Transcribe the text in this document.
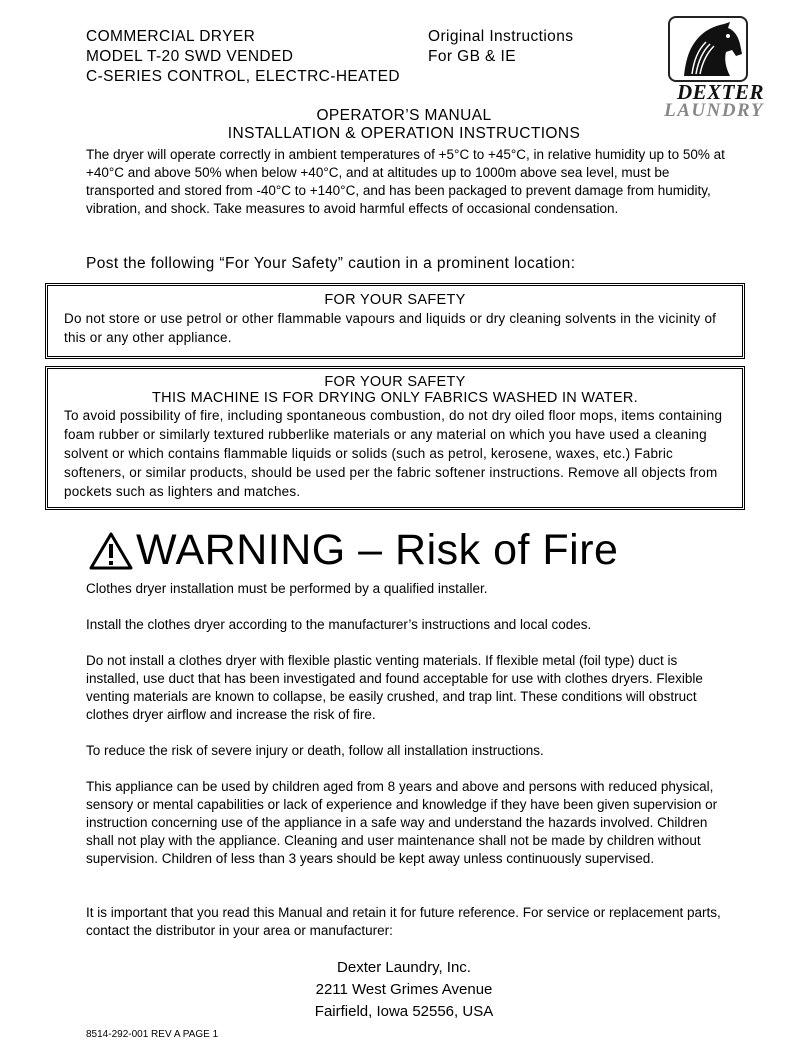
COMMERCIAL DRYER
MODEL T-20 SWD VENDED
C-SERIES CONTROL, ELECTRC-HEATED
Original Instructions
For GB & IE
DEXTER
LAUNDRY
OPERATOR’S MANUAL
INSTALLATION & OPERATION INSTRUCTIONS
The dryer will operate correctly in ambient temperatures of +5°C to +45°C, in relative humidity up to 50% at +40°C and above 50% when below +40°C, and at altitudes up to 1000m above sea level, must be transported and stored from -40°C to +140°C, and has been packaged to prevent damage from humidity, vibration, and shock. Take measures to avoid harmful effects of occasional condensation.
Post the following “For Your Safety” caution in a prominent location:
FOR YOUR SAFETY
Do not store or use petrol or other flammable vapours and liquids or dry cleaning solvents in the vicinity of this or any other appliance.
FOR YOUR SAFETY
THIS MACHINE IS FOR DRYING ONLY FABRICS WASHED IN WATER.
To avoid possibility of fire, including spontaneous combustion, do not dry oiled floor mops, items containing foam rubber or similarly textured rubberlike materials or any material on which you have used a cleaning solvent or which contains flammable liquids or solids (such as petrol, kerosene, waxes, etc.) Fabric softeners, or similar products, should be used per the fabric softener instructions. Remove all objects from pockets such as lighters and matches.
WARNING – Risk of Fire
Clothes dryer installation must be performed by a qualified installer.
Install the clothes dryer according to the manufacturer’s instructions and local codes.
Do not install a clothes dryer with flexible plastic venting materials. If flexible metal (foil type) duct is installed, use duct that has been investigated and found acceptable for use with clothes dryers. Flexible venting materials are known to collapse, be easily crushed, and trap lint. These conditions will obstruct clothes dryer airflow and increase the risk of fire.
To reduce the risk of severe injury or death, follow all installation instructions.
This appliance can be used by children aged from 8 years and above and persons with reduced physical, sensory or mental capabilities or lack of experience and knowledge if they have been given supervision or instruction concerning use of the appliance in a safe way and understand the hazards involved. Children shall not play with the appliance. Cleaning and user maintenance shall not be made by children without supervision. Children of less than 3 years should be kept away unless continuously supervised.
It is important that you read this Manual and retain it for future reference. For service or replacement parts, contact the distributor in your area or manufacturer:
Dexter Laundry, Inc.
2211 West Grimes Avenue
Fairfield, Iowa 52556, USA
8514-292-001 REV A PAGE 1
